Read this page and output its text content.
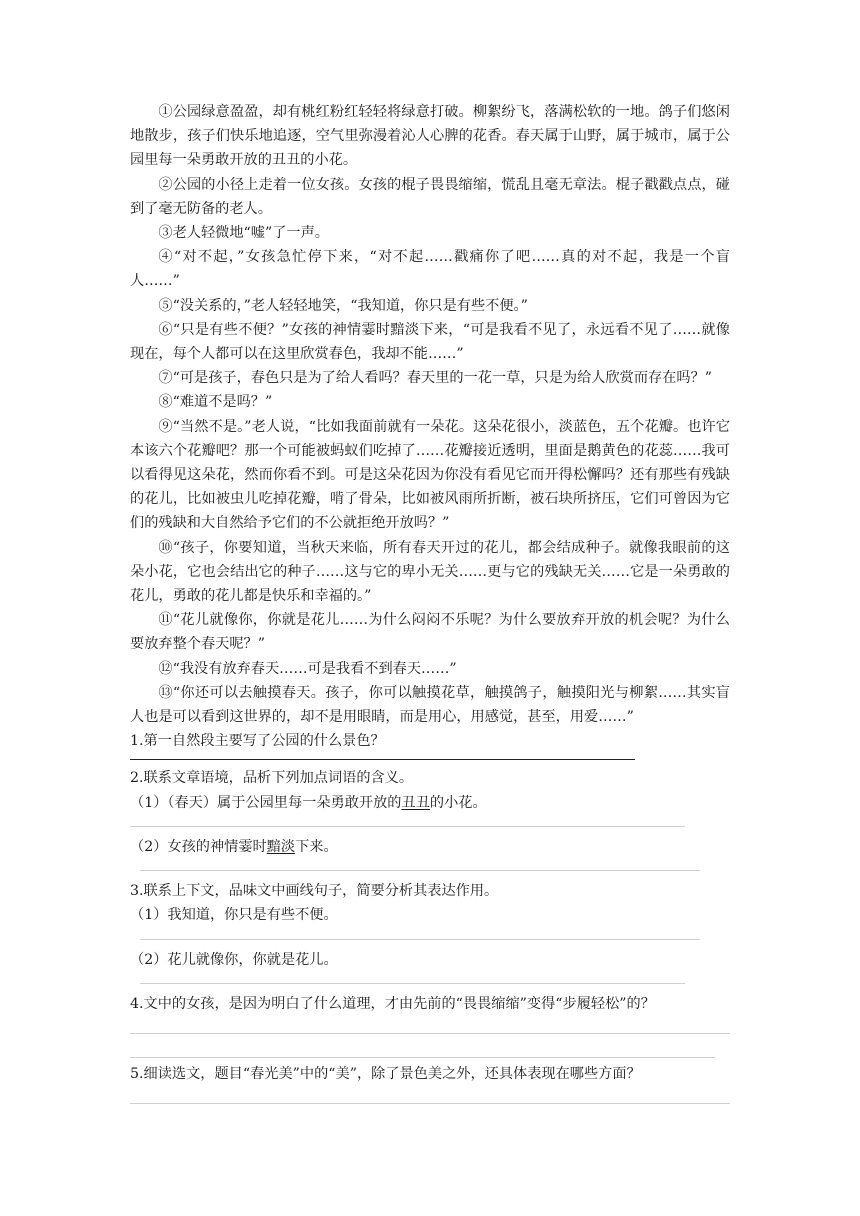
①公园绿意盈盈，却有桃红粉红轻轻将绿意打破。柳絮纷飞，落满松软的一地。鸽子们悠闲地散步，孩子们快乐地追逐，空气里弥漫着沁人心脾的花香。春天属于山野，属于城市，属于公园里每一朵勇敢开放的丑丑的小花。

②公园的小径上走着一位女孩。女孩的棍子畏畏缩缩，慌乱且毫无章法。棍子戳戳点点，碰到了毫无防备的老人。

③老人轻微地“嘘”了一声。

④“对不起，”女孩急忙停下来，“对不起……戳痛你了吧……真的对不起，我是一个盲人……”

⑤“没关系的，”老人轻轻地笑，“我知道，你只是有些不便。”

⑥“只是有些不便？”女孩的神情霎时黯淡下来，“可是我看不见了，永远看不见了……就像现在，每个人都可以在这里欣赏春色，我却不能……”

⑦“可是孩子，春色只是为了给人看吗？春天里的一花一草，只是为给人欣赏而存在吗？”

⑧“难道不是吗？”

⑨“当然不是。”老人说，“比如我面前就有一朵花。这朵花很小，淡蓝色，五个花瓣。也许它本该六个花瓣吧？那一个可能被蚂蚁们吃掉了……花瓣接近透明，里面是鹅黄色的花蕊……我可以看得见这朵花，然而你看不到。可是这朵花因为你没有看见它而开得松懈吗？还有那些有残缺的花儿，比如被虫儿吃掉花瓣，啃了骨朵，比如被风雨所折断，被石块所挤压，它们可曾因为它们的残缺和大自然给予它们的不公就拒绝开放吗？”

⑩“孩子，你要知道，当秋天来临，所有春天开过的花儿，都会结成种子。就像我眼前的这朵小花，它也会结出它的种子……这与它的卑小无关……更与它的残缺无关……它是一朵勇敢的花儿，勇敢的花儿都是快乐和幸福的。”

⑪“花儿就像你，你就是花儿……为什么闷闷不乐呢？为什么要放弃开放的机会呢？为什么要放弃整个春天呢？”

⑫“我没有放弃春天……可是我看不到春天……”

⑬“你还可以去触摸春天。孩子，你可以触摸花草，触摸鸽子，触摸阳光与柳絮……其实盲人也是可以看到这世界的，却不是用眼睛，而是用心，用感觉，甚至，用爱……”

1.第一自然段主要写了公园的什么景色？

2.联系文章语境，品析下列加点词语的含义。

（1）（春天）属于公园里每一朵勇敢开放的丑丑的小花。

（2）女孩的神情霎时黯淡下来。

3.联系上下文，品味文中画线句子，简要分析其表达作用。

（1）我知道，你只是有些不便。

（2）花儿就像你，你就是花儿。

4.文中的女孩，是因为明白了什么道理，才由先前的“畏畏缩缩”变得“步履轻松”的？

5.细读选文，题目“春光美”中的“美”，除了景色美之外，还具体表现在哪些方面？
